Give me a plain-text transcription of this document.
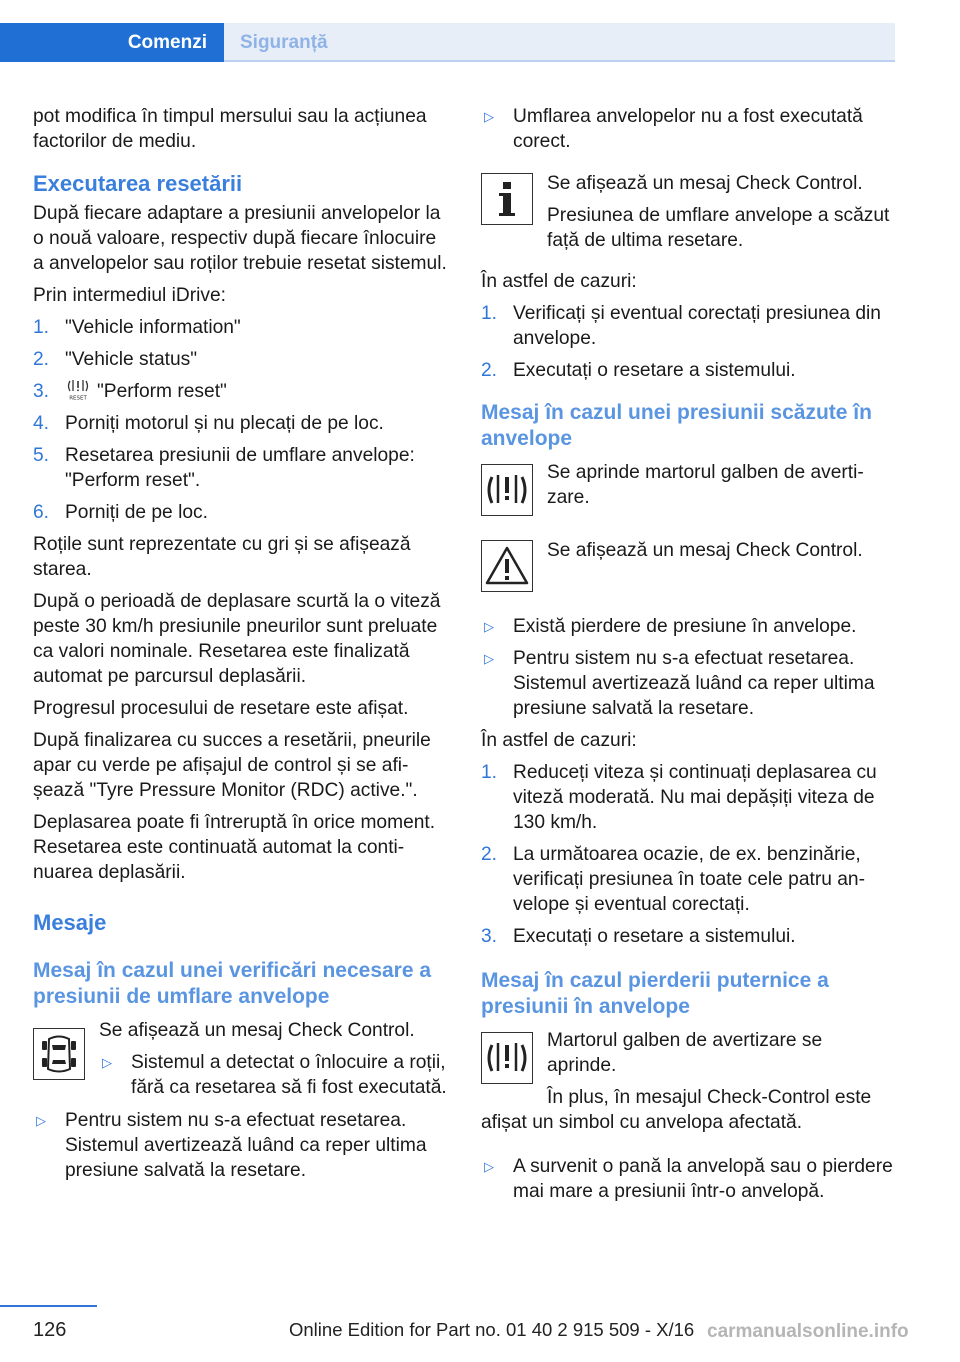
Comenzi	Siguranță

pot modifica în timpul mersului sau la acțiunea factorilor de mediu.

Executarea resetării

După fiecare adaptare a presiunii anvelopelor la o nouă valoare, respectiv după fiecare înlocuire a anvelopelor sau roților trebuie resetat sistemul.

Prin intermediul iDrive:

1. "Vehicle information"
2. "Vehicle status"
3.	RESET "Perform reset"
4. Porniți motorul și nu plecați de pe loc.
5. Resetarea presiunii de umflare anvelope: "Perform reset".
6. Porniți de pe loc.

Roțile sunt reprezentate cu gri și se afișează starea.

După o perioadă de deplasare scurtă la o viteză peste 30 km/h presiunile pneurilor sunt preluate ca valori nominale. Resetarea este finalizată automat pe parcursul deplasării.

Progresul procesului de resetare este afișat.

După finalizarea cu succes a resetării, pneurile apar cu verde pe afișajul de control și se afișează "Tyre Pressure Monitor (RDC) active.".

Deplasarea poate fi întreruptă în orice moment. Resetarea este continuată automat la continuarea deplasării.

Mesaje
Mesaj în cazul unei verificări necesare a presiunii de umflare anvelope

Se afișează un mesaj Check Control.

▷ Sistemul a detectat o înlocuire a roții, fără ca resetarea să fi fost executată.
▷ Pentru sistem nu s-a efectuat resetarea. Sistemul avertizează luând ca reper ultima presiune salvată la resetare.
▷ Umflarea anvelopelor nu a fost executată corect.

Se afișează un mesaj Check Control.

Presiunea de umflare anvelope a scăzut față de ultima resetare.

În astfel de cazuri:

1. Verificați și eventual corectați presiunea din anvelope.
2. Executați o resetare a sistemului.
Mesaj în cazul unei presiunii scăzute în anvelope

Se aprinde martorul galben de avertizare.

Se afișează un mesaj Check Control.

▷ Există pierdere de presiune în anvelope.
▷ Pentru sistem nu s-a efectuat resetarea. Sistemul avertizează luând ca reper ultima presiune salvată la resetare.

În astfel de cazuri:

1. Reduceți viteza și continuați deplasarea cu viteză moderată. Nu mai depășiți viteza de 130 km/h.
2. La următoarea ocazie, de ex. benzinărie, verificați presiunea în toate cele patru anvelope și eventual corectați.
3. Executați o resetare a sistemului.
Mesaj în cazul pierderii puternice a presiunii în anvelope

Martorul galben de avertizare se aprinde.

În plus, în mesajul Check-Control este afișat un simbol cu anvelopa afectată.

▷ A survenit o pană la anvelopă sau o pierdere mai mare a presiunii într-o anvelopă.
126	Online Edition for Part no. 01 40 2 915 509 - X/16 carmanualsonline.info
